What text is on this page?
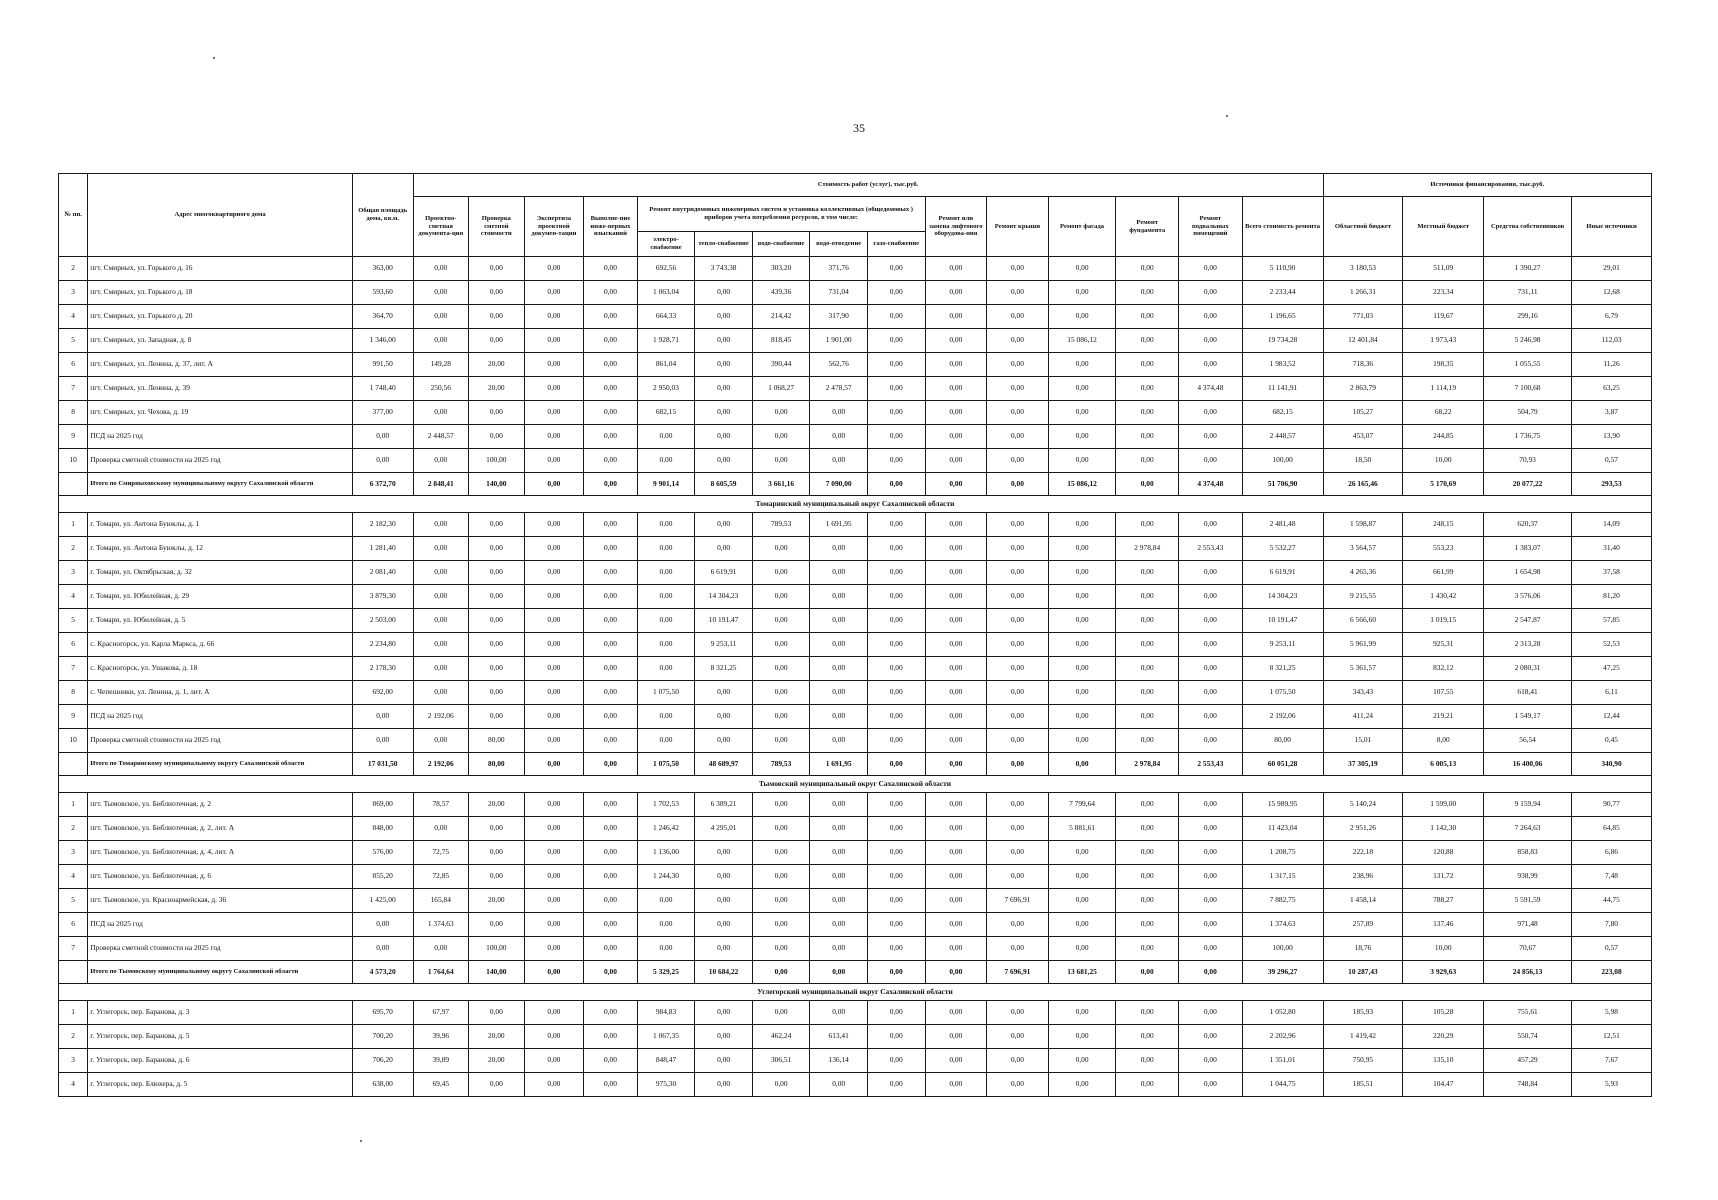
35
№ пп.	Адрес многоквартирного дома	Общая площадь дома, кв.м.	Стоимость работ (услуг), тыс.руб.															Источники финансирования, тыс.руб.			
			Проектно-сметная документа-ция	Проверка сметной стоимости	Экспертиза проектной докумен-тации	Выполне-ние инже-нерных изысканий	Ремонт внутридомовых инженерных систем и установка коллективных (общедомовых ) приборов учета потребления ресурсов, в том числе:					Ремонт или замена лифтового оборудова-ния	Ремонт крыши	Ремонт фасада	Ремонт фундамента	Ремонт подвальных помещений	Всего стоимость ремонта	Областной бюджет	Местный бюджет	Средства собственников	Иные источники
							электро-снабжение	тепло-снабжение	водо-снабжение	водо-отведение	газо-снабжение										
2	пгт. Смирных, ул. Горького д. 16	363,00	0,00	0,00	0,00	0,00	692,56	3 743,38	303,20	371,76	0,00	0,00	0,00	0,00	0,00	0,00	5 110,90	3 180,53	511,09	1 390,27	29,01
3	пгт. Смирных, ул. Горького д. 18	593,60	0,00	0,00	0,00	0,00	1 063,04	0,00	439,36	731,04	0,00	0,00	0,00	0,00	0,00	0,00	2 233,44	1 266,31	223,34	731,11	12,68
4	пгт. Смирных, ул. Горького д. 20	364,70	0,00	0,00	0,00	0,00	664,33	0,00	214,42	317,90	0,00	0,00	0,00	0,00	0,00	0,00	1 196,65	771,03	119,67	299,16	6,79
5	пгт. Смирных, ул. Западная, д. 8	1 346,00	0,00	0,00	0,00	0,00	1 928,71	0,00	818,45	1 901,00	0,00	0,00	0,00	15 086,12	0,00	0,00	19 734,28	12 401,84	1 973,43	5 246,98	112,03
6	пгт. Смирных, ул. Ленина, д. 37, лит. А	991,50	149,28	20,00	0,00	0,00	861,04	0,00	390,44	562,76	0,00	0,00	0,00	0,00	0,00	0,00	1 983,52	718,36	198,35	1 055,55	11,26
7	пгт. Смирных, ул. Ленина, д. 39	1 748,40	250,56	20,00	0,00	0,00	2 950,03	0,00	1 068,27	2 478,57	0,00	0,00	0,00	0,00	0,00	4 374,48	11 141,91	2 863,79	1 114,19	7 100,68	63,25
8	пгт. Смирных, ул. Чехова, д. 19	377,00	0,00	0,00	0,00	0,00	682,15	0,00	0,00	0,00	0,00	0,00	0,00	0,00	0,00	0,00	682,15	105,27	68,22	504,79	3,87
9	ПСД на 2025 год	0,00	2 448,57	0,00	0,00	0,00	0,00	0,00	0,00	0,00	0,00	0,00	0,00	0,00	0,00	0,00	2 448,57	453,07	244,85	1 736,75	13,90
10	Проверка сметной стоимости на 2025 год	0,00	0,00	100,00	0,00	0,00	0,00	0,00	0,00	0,00	0,00	0,00	0,00	0,00	0,00	0,00	100,00	18,50	10,00	70,93	0,57
	Итого по Смирныховскому муниципальному округу Сахалинской области	6 372,70	2 848,41	140,00	0,00	0,00	9 901,14	8 605,59	3 661,16	7 090,00	0,00	0,00	0,00	15 086,12	0,00	4 374,48	51 706,90	26 165,46	5 170,69	20 077,22	293,53
Томаринский муниципальный округ Сахалинской области																					
1	г. Томари, ул. Антона Буюклы, д. 1	2 182,30	0,00	0,00	0,00	0,00	0,00	0,00	789,53	1 691,95	0,00	0,00	0,00	0,00	0,00	0,00	2 481,48	1 598,87	248,15	620,37	14,09
2	г. Томари, ул. Антона Буюклы, д. 12	1 281,40	0,00	0,00	0,00	0,00	0,00	0,00	0,00	0,00	0,00	0,00	0,00	0,00	2 978,84	2 553,43	5 532,27	3 564,57	553,23	1 383,07	31,40
3	г. Томари, ул. Октябрьская, д. 32	2 081,40	0,00	0,00	0,00	0,00	0,00	6 619,91	0,00	0,00	0,00	0,00	0,00	0,00	0,00	0,00	6 619,91	4 265,36	661,99	1 654,98	37,58
4	г. Томари, ул. Юбилейная, д. 29	3 879,30	0,00	0,00	0,00	0,00	0,00	14 304,23	0,00	0,00	0,00	0,00	0,00	0,00	0,00	0,00	14 304,23	9 215,55	1 430,42	3 576,06	81,20
5	г. Томари, ул. Юбилейная, д. 5	2 503,00	0,00	0,00	0,00	0,00	0,00	10 191,47	0,00	0,00	0,00	0,00	0,00	0,00	0,00	0,00	10 191,47	6 566,60	1 019,15	2 547,87	57,85
6	с. Красногорск, ул. Карла Маркса, д. 66	2 234,80	0,00	0,00	0,00	0,00	0,00	9 253,11	0,00	0,00	0,00	0,00	0,00	0,00	0,00	0,00	9 253,11	5 961,99	925,31	2 313,28	52,53
7	с. Красногорск, ул. Ушакова, д. 18	2 178,30	0,00	0,00	0,00	0,00	0,00	8 321,25	0,00	0,00	0,00	0,00	0,00	0,00	0,00	0,00	8 321,25	5 361,57	832,12	2 080,31	47,25
8	с. Чепешники, ул. Ленина, д. 1, лит. А	692,00	0,00	0,00	0,00	0,00	1 075,50	0,00	0,00	0,00	0,00	0,00	0,00	0,00	0,00	0,00	1 075,50	343,43	107,55	618,41	6,11
9	ПСД на 2025 год	0,00	2 192,06	0,00	0,00	0,00	0,00	0,00	0,00	0,00	0,00	0,00	0,00	0,00	0,00	0,00	2 192,06	411,24	219,21	1 549,17	12,44
10	Проверка сметной стоимости на 2025 год	0,00	0,00	80,00	0,00	0,00	0,00	0,00	0,00	0,00	0,00	0,00	0,00	0,00	0,00	0,00	80,00	15,01	8,00	56,54	0,45
	Итого по Томаринскому муниципальному округу Сахалинской области	17 031,50	2 192,06	80,00	0,00	0,00	1 075,50	48 689,97	789,53	1 691,95	0,00	0,00	0,00	0,00	2 978,84	2 553,43	60 051,28	37 305,19	6 005,13	16 400,06	340,90
Тымовский муниципальный округ Сахалинской области																					
1	пгт. Тымовское, ул. Библиотечная, д. 2	869,00	78,57	20,00	0,00	0,00	1 702,53	6 389,21	0,00	0,00	0,00	0,00	0,00	7 799,64	0,00	0,00	15 989,95	5 140,24	1 599,00	9 159,94	90,77
2	пгт. Тымовское, ул. Библиотечная, д. 2, лит. А	848,00	0,00	0,00	0,00	0,00	1 246,42	4 295,01	0,00	0,00	0,00	0,00	0,00	5 881,61	0,00	0,00	11 423,04	2 951,26	1 142,30	7 264,63	64,85
3	пгт. Тымовское, ул. Библиотечная, д. 4, лит. А	576,00	72,75	0,00	0,00	0,00	1 136,00	0,00	0,00	0,00	0,00	0,00	0,00	0,00	0,00	0,00	1 208,75	222,18	120,88	858,83	6,86
4	пгт. Тымовское, ул. Библиотечная, д. 6	855,20	72,85	0,00	0,00	0,00	1 244,30	0,00	0,00	0,00	0,00	0,00	0,00	0,00	0,00	0,00	1 317,15	238,96	131,72	938,99	7,48
5	пгт. Тымовское, ул. Красноармейская, д. 36	1 425,00	165,84	20,00	0,00	0,00	0,00	0,00	0,00	0,00	0,00	0,00	7 696,91	0,00	0,00	0,00	7 882,75	1 458,14	788,27	5 591,59	44,75
6	ПСД на 2025 год	0,00	1 374,63	0,00	0,00	0,00	0,00	0,00	0,00	0,00	0,00	0,00	0,00	0,00	0,00	0,00	1 374,63	257,89	137,46	971,48	7,80
7	Проверка сметной стоимости на 2025 год	0,00	0,00	100,00	0,00	0,00	0,00	0,00	0,00	0,00	0,00	0,00	0,00	0,00	0,00	0,00	100,00	18,76	10,00	70,67	0,57
	Итого по Тымовскому муниципальному округу Сахалинской области	4 573,20	1 764,64	140,00	0,00	0,00	5 329,25	10 684,22	0,00	0,00	0,00	0,00	7 696,91	13 681,25	0,00	0,00	39 296,27	10 287,43	3 929,63	24 856,13	223,08
Углегорский муниципальный округ Сахалинской области																					
1	г. Углегорск, пер. Баранова, д. 3	695,70	67,97	0,00	0,00	0,00	984,83	0,00	0,00	0,00	0,00	0,00	0,00	0,00	0,00	0,00	1 052,80	185,93	105,28	755,61	5,98
2	г. Углегорск, пер. Баранова, д. 5	700,20	39,96	20,00	0,00	0,00	1 067,35	0,00	462,24	613,41	0,00	0,00	0,00	0,00	0,00	0,00	2 202,96	1 419,42	220,29	550,74	12,51
3	г. Углегорск, пер. Баранова, д. 6	706,20	39,89	20,00	0,00	0,00	848,47	0,00	306,51	136,14	0,00	0,00	0,00	0,00	0,00	0,00	1 351,01	750,95	135,10	457,29	7,67
4	г. Углегорск, пер. Блюхера, д. 5	638,00	69,45	0,00	0,00	0,00	975,30	0,00	0,00	0,00	0,00	0,00	0,00	0,00	0,00	0,00	1 044,75	185,51	104,47	748,84	5,93
